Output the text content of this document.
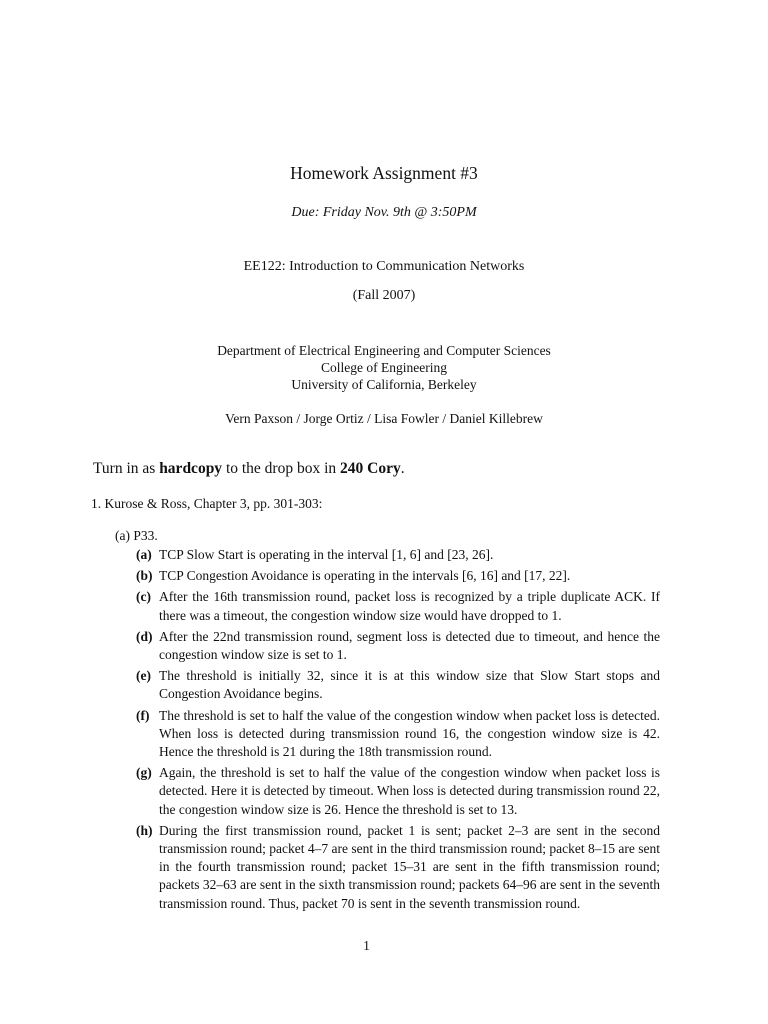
Homework Assignment #3
Due: Friday Nov. 9th @ 3:50PM
EE122: Introduction to Communication Networks
(Fall 2007)
Department of Electrical Engineering and Computer Sciences
College of Engineering
University of California, Berkeley
Vern Paxson / Jorge Ortiz / Lisa Fowler / Daniel Killebrew
Turn in as hardcopy to the drop box in 240 Cory.
1. Kurose & Ross, Chapter 3, pp. 301-303:
(a) P33.
(a) TCP Slow Start is operating in the interval [1, 6] and [23, 26].
(b) TCP Congestion Avoidance is operating in the intervals [6, 16] and [17, 22].
(c) After the 16th transmission round, packet loss is recognized by a triple duplicate ACK. If there was a timeout, the congestion window size would have dropped to 1.
(d) After the 22nd transmission round, segment loss is detected due to timeout, and hence the congestion window size is set to 1.
(e) The threshold is initially 32, since it is at this window size that Slow Start stops and Congestion Avoidance begins.
(f) The threshold is set to half the value of the congestion window when packet loss is detected. When loss is detected during transmission round 16, the congestion window size is 42. Hence the threshold is 21 during the 18th transmission round.
(g) Again, the threshold is set to half the value of the congestion window when packet loss is detected. Here it is detected by timeout. When loss is detected during transmission round 22, the congestion window size is 26. Hence the threshold is set to 13.
(h) During the first transmission round, packet 1 is sent; packet 2–3 are sent in the second transmission round; packet 4–7 are sent in the third transmission round; packet 8–15 are sent in the fourth transmission round; packet 15–31 are sent in the fifth transmission round; packets 32–63 are sent in the sixth transmission round; packets 64–96 are sent in the seventh transmission round. Thus, packet 70 is sent in the seventh transmission round.
1
